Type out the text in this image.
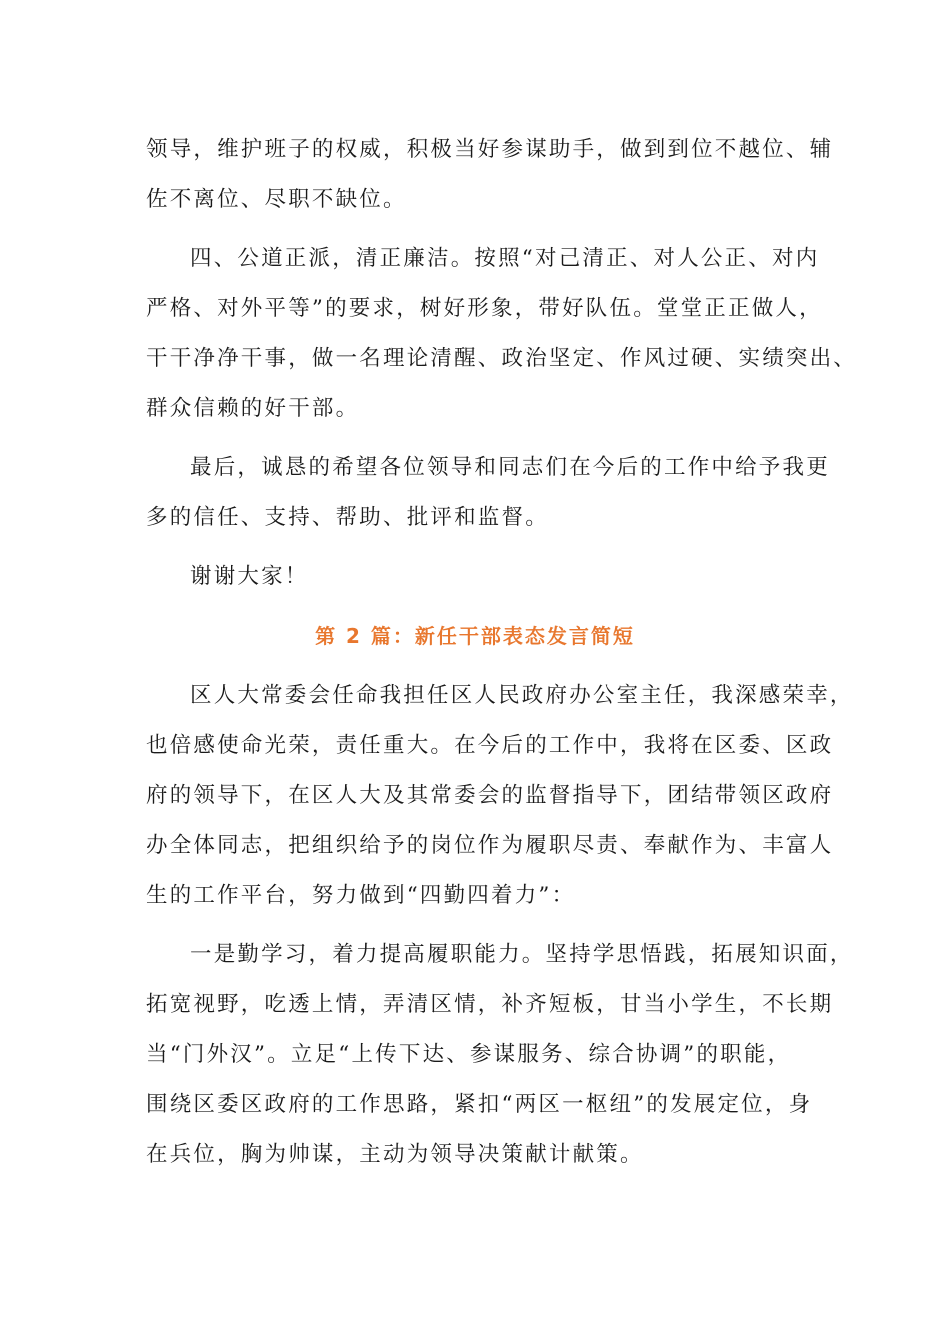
领导，维护班子的权威，积极当好参谋助手，做到到位不越位、辅
佐不离位、尽职不缺位。
四、公道正派，清正廉洁。按照“对己清正、对人公正、对内
严格、对外平等”的要求，树好形象，带好队伍。堂堂正正做人，
干干净净干事，做一名理论清醒、政治坚定、作风过硬、实绩突出、
群众信赖的好干部。
最后，诚恳的希望各位领导和同志们在今后的工作中给予我更
多的信任、支持、帮助、批评和监督。
谢谢大家！
第 2 篇：新任干部表态发言简短
区人大常委会任命我担任区人民政府办公室主任，我深感荣幸，
也倍感使命光荣，责任重大。在今后的工作中，我将在区委、区政
府的领导下，在区人大及其常委会的监督指导下，团结带领区政府
办全体同志，把组织给予的岗位作为履职尽责、奉献作为、丰富人
生的工作平台，努力做到“四勤四着力”：
一是勤学习，着力提高履职能力。坚持学思悟践，拓展知识面，
拓宽视野，吃透上情，弄清区情，补齐短板，甘当小学生，不长期
当“门外汉”。立足“上传下达、参谋服务、综合协调”的职能，
围绕区委区政府的工作思路，紧扣“两区一枢纽”的发展定位，身
在兵位，胸为帅谋，主动为领导决策献计献策。
